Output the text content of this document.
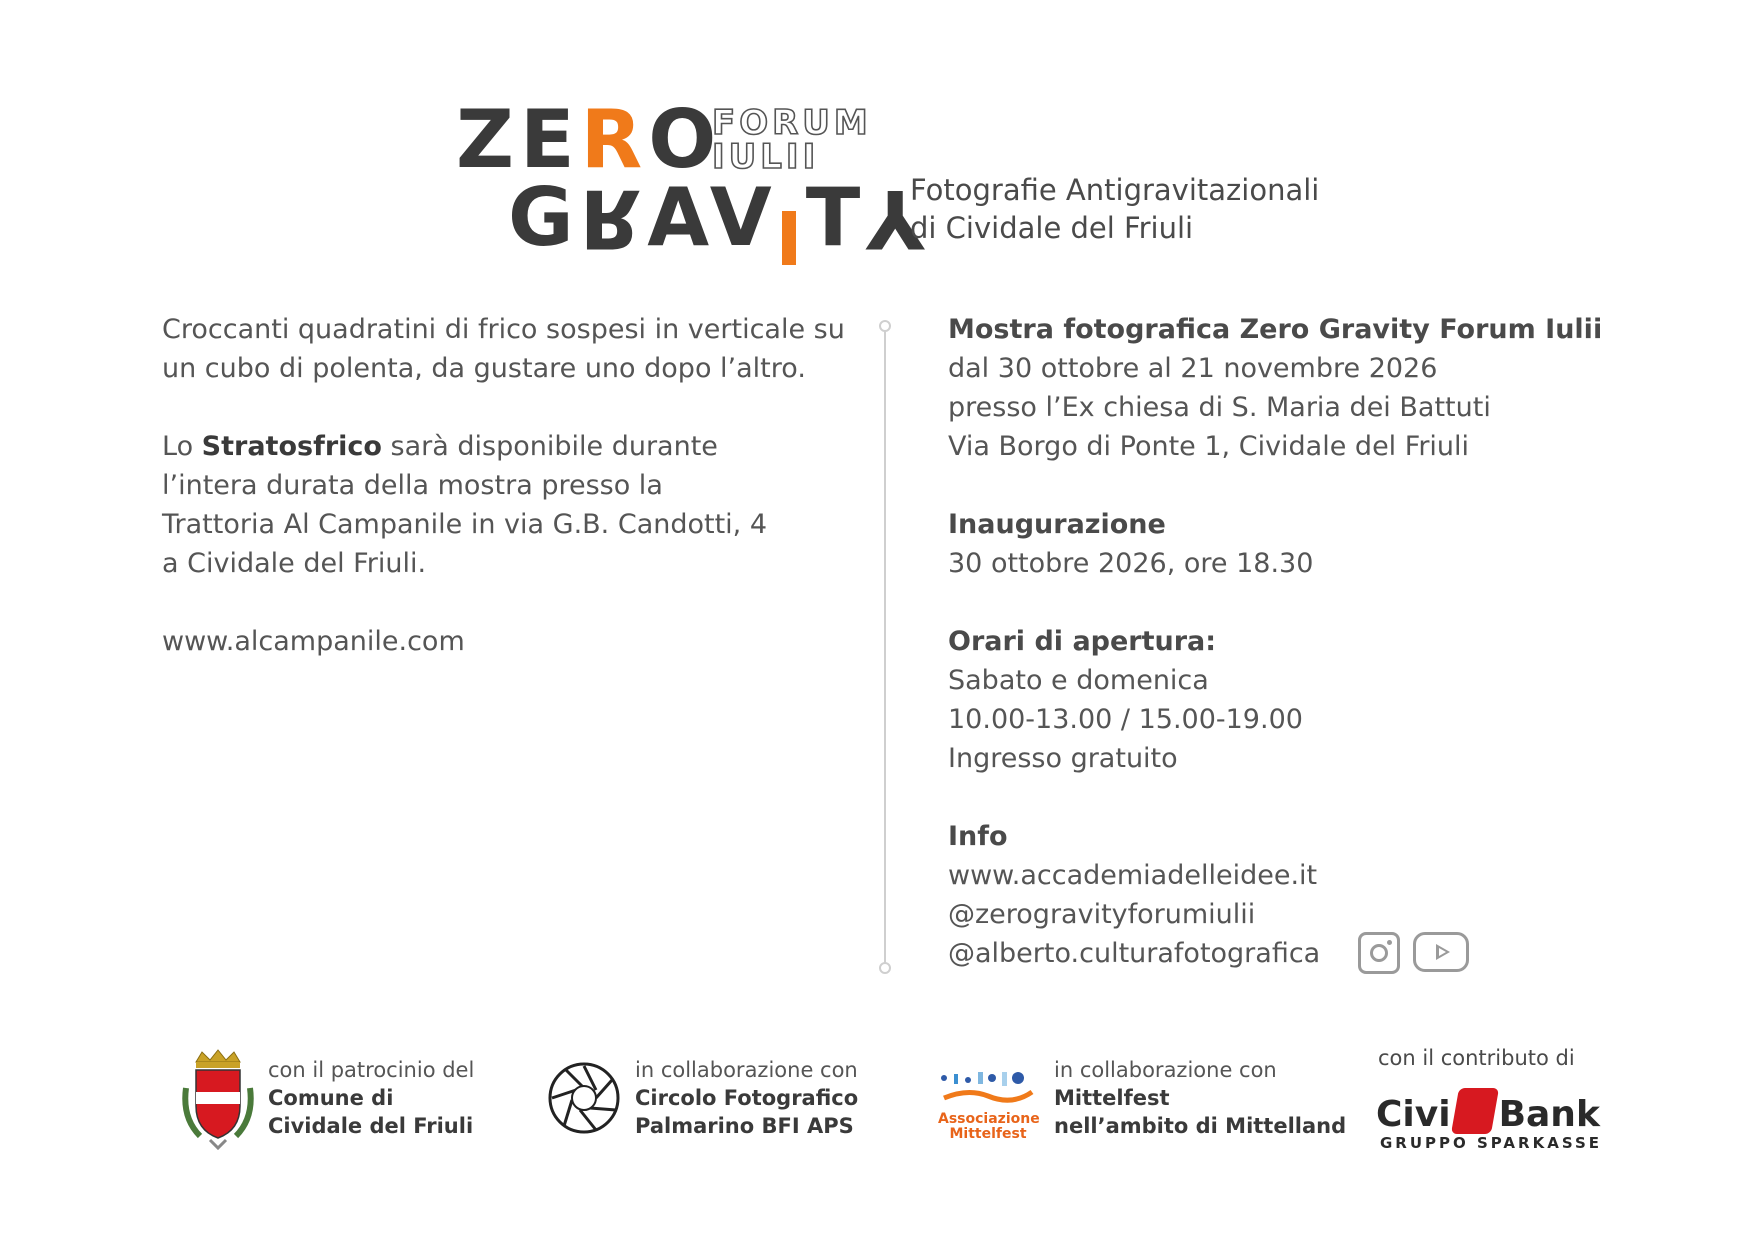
ZERO
GRAV TY
FORUM
IULII
Fotografie Antigravitazionali
di Cividale del Friuli
Croccanti quadratini di frico sospesi in verticale su
un cubo di polenta, da gustare uno dopo l’altro.
Lo Stratosfrico sarà disponibile durante
l’intera durata della mostra presso la
Trattoria Al Campanile in via G.B. Candotti, 4
a Cividale del Friuli.
www.alcampanile.com
Mostra fotografica Zero Gravity Forum Iulii
dal 30 ottobre al 21 novembre 2026
presso l’Ex chiesa di S. Maria dei Battuti
Via Borgo di Ponte 1, Cividale del Friuli
Inaugurazione
30 ottobre 2026, ore 18.30
Orari di apertura:
Sabato e domenica
10.00-13.00 / 15.00-19.00
Ingresso gratuito
Info
www.accademiadelleidee.it
@zerogravityforumiulii
@alberto.culturafotografica
con il patrocinio del
Comune di
Cividale del Friuli
in collaborazione con
Circolo Fotografico
Palmarino BFI APS	Associazione
Mittelfest
in collaborazione con
Mittelfest
nell’ambito di Mittelland
con il contributo di
Civi Bank
GRUPPO SPARKASSE
